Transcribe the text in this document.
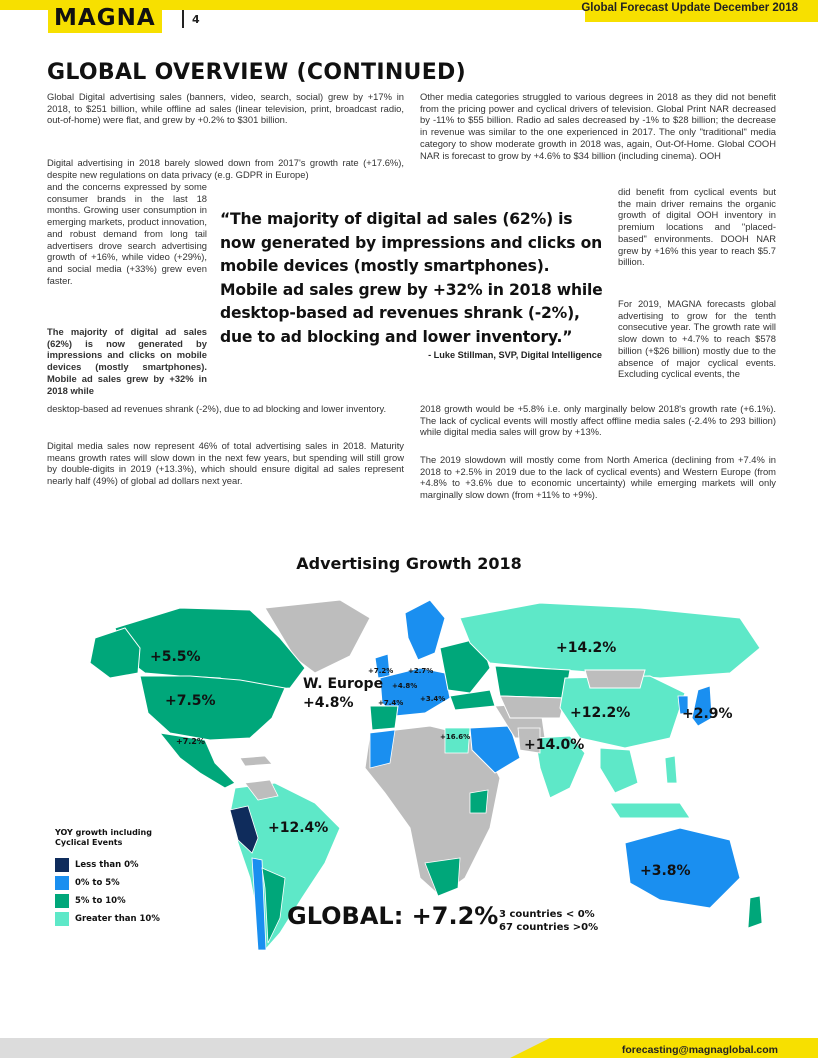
MAGNA	4
Global Forecast Update December 2018
GLOBAL OVERVIEW (CONTINUED)

Global Digital advertising sales (banners, video, search, social) grew by +17% in 2018, to $251 billion, while offline ad sales (linear television, print, broadcast radio, out-of-home) were flat, and grew by +0.2% to $301 billion.

Digital advertising in 2018 barely slowed down from 2017's growth rate (+17.6%), despite new regulations on data privacy (e.g. GDPR in Europe)

and the concerns expressed by some consumer brands in the last 18 months. Growing user consumption in emerging markets, product innovation, and robust demand from long tail advertisers drove search advertising growth of +16%, while video (+29%), and social media (+33%) grew even faster.

The majority of digital ad sales (62%) is now generated by impressions and clicks on mobile devices (mostly smartphones). Mobile ad sales grew by +32% in 2018 while

desktop-based ad revenues shrank (-2%), due to ad blocking and lower inventory.

Digital media sales now represent 46% of total advertising sales in 2018. Maturity means growth rates will slow down in the next few years, but spending will still grow by double-digits in 2019 (+13.3%), which should ensure digital ad sales represent nearly half (49%) of global ad dollars next year.

Other media categories struggled to various degrees in 2018 as they did not benefit from the pricing power and cyclical drivers of television. Global Print NAR decreased by -11% to $55 billion. Radio ad sales decreased by -1% to $28 billion; the decrease in revenue was similar to the one experienced in 2017. The only "traditional" media category to show moderate growth in 2018 was, again, Out-Of-Home. Global COOH NAR is forecast to grow by +4.6% to $34 billion (including cinema). OOH

did benefit from cyclical events but the main driver remains the organic growth of digital OOH inventory in premium locations and "placed-based" environments. DOOH NAR grew by +16% this year to reach $5.7 billion.

For 2019, MAGNA forecasts global advertising to grow for the tenth consecutive year. The growth rate will slow down to +4.7% to reach $578 billion (+$26 billion) mostly due to the absence of major cyclical events. Excluding cyclical events, the

2018 growth would be +5.8% i.e. only marginally below 2018's growth rate (+6.1%). The lack of cyclical events will mostly affect offline media sales (-2.4% to 293 billion) while digital media sales will grow by +13%.

The 2019 slowdown will mostly come from North America (declining from +7.4% in 2018 to +2.5% in 2019 due to the lack of cyclical events) and Western Europe (from +4.8% to +3.6% due to economic uncertainty) while emerging markets will only marginally slow down (from +11% to +9%).

“The majority of digital ad sales (62%) is now generated by impressions and clicks on mobile devices (mostly smartphones). Mobile ad sales grew by +32% in 2018 while desktop-based ad revenues shrank (-2%), due to ad blocking and lower inventory.”
- Luke Stillman, SVP, Digital Intelligence
Advertising Growth 2018
+5.5%
+7.5%
+7.2%
+12.4%
W. Europe
+4.8%
+7.2% +2.7%
+4.8%
+7.4% +3.4%
+16.6%
+14.2%
+12.2%	+2.9%
+14.0%
+3.8%
YOY growth including Cyclical Events
Less than 0%
0% to 5%
5% to 10%
Greater than 10%	GLOBAL: +7.2% 3 countries < 0%
67 countries >0%
forecasting@magnaglobal.com
